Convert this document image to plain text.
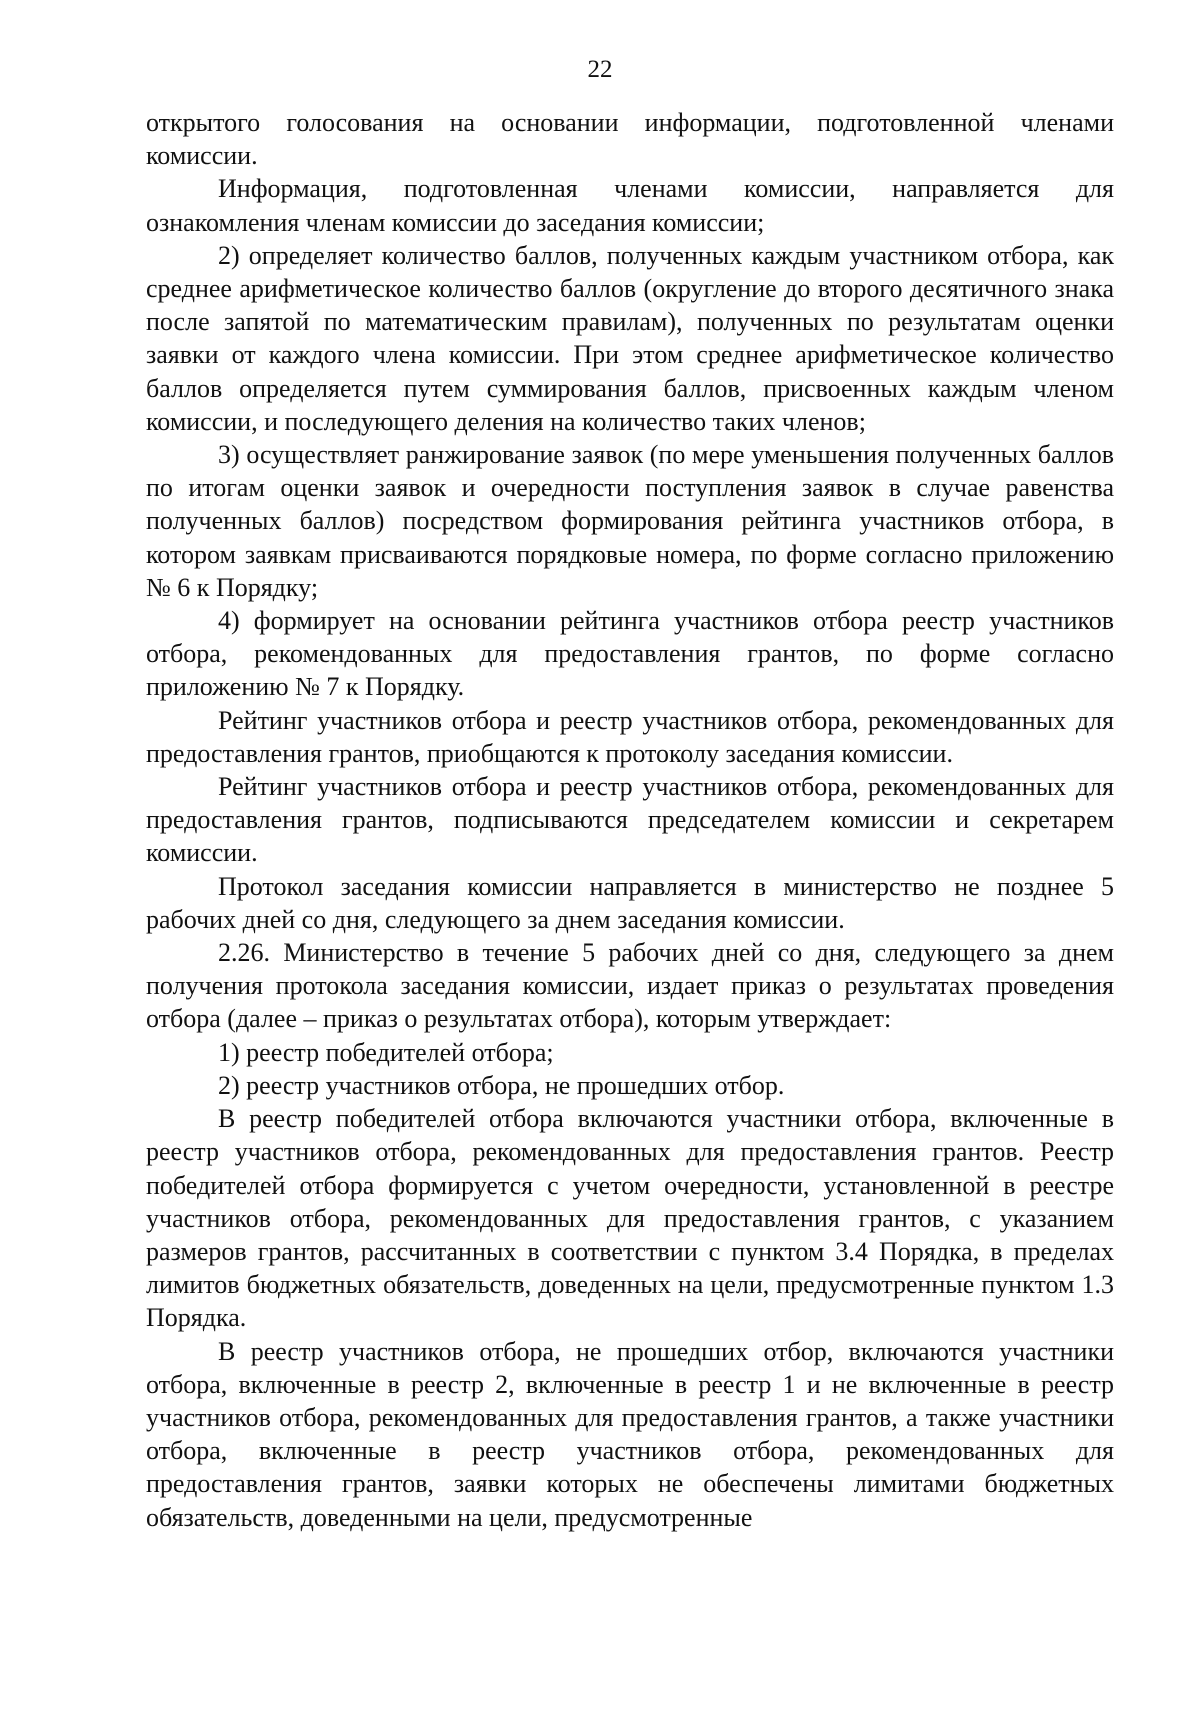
22

открытого голосования на основании информации, подготовленной членами комиссии.

Информация, подготовленная членами комиссии, направляется для ознакомления членам комиссии до заседания комиссии;

2) определяет количество баллов, полученных каждым участником отбора, как среднее арифметическое количество баллов (округление до второго десятичного знака после запятой по математическим правилам), полученных по результатам оценки заявки от каждого члена комиссии. При этом среднее арифметическое количество баллов определяется путем суммирования баллов, присвоенных каждым членом комиссии, и последующего деления на количество таких членов;

3) осуществляет ранжирование заявок (по мере уменьшения полученных баллов по итогам оценки заявок и очередности поступления заявок в случае равенства полученных баллов) посредством формирования рейтинга участников отбора, в котором заявкам присваиваются порядковые номера, по форме согласно приложению № 6 к Порядку;

4) формирует на основании рейтинга участников отбора реестр участников отбора, рекомендованных для предоставления грантов, по форме согласно приложению № 7 к Порядку.

Рейтинг участников отбора и реестр участников отбора, рекомендованных для предоставления грантов, приобщаются к протоколу заседания комиссии.

Рейтинг участников отбора и реестр участников отбора, рекомендованных для предоставления грантов, подписываются председателем комиссии и секретарем комиссии.

Протокол заседания комиссии направляется в министерство не позднее 5 рабочих дней со дня, следующего за днем заседания комиссии.

2.26. Министерство в течение 5 рабочих дней со дня, следующего за днем получения протокола заседания комиссии, издает приказ о результатах проведения отбора (далее – приказ о результатах отбора), которым утверждает:

1) реестр победителей отбора;

2) реестр участников отбора, не прошедших отбор.

В реестр победителей отбора включаются участники отбора, включенные в реестр участников отбора, рекомендованных для предоставления грантов. Реестр победителей отбора формируется с учетом очередности, установленной в реестре участников отбора, рекомендованных для предоставления грантов, с указанием размеров грантов, рассчитанных в соответствии с пунктом 3.4 Порядка, в пределах лимитов бюджетных обязательств, доведенных на цели, предусмотренные пунктом 1.3 Порядка.

В реестр участников отбора, не прошедших отбор, включаются участники отбора, включенные в реестр 2, включенные в реестр 1 и не включенные в реестр участников отбора, рекомендованных для предоставления грантов, а также участники отбора, включенные в реестр участников отбора, рекомендованных для предоставления грантов, заявки которых не обеспечены лимитами бюджетных обязательств, доведенными на цели, предусмотренные
